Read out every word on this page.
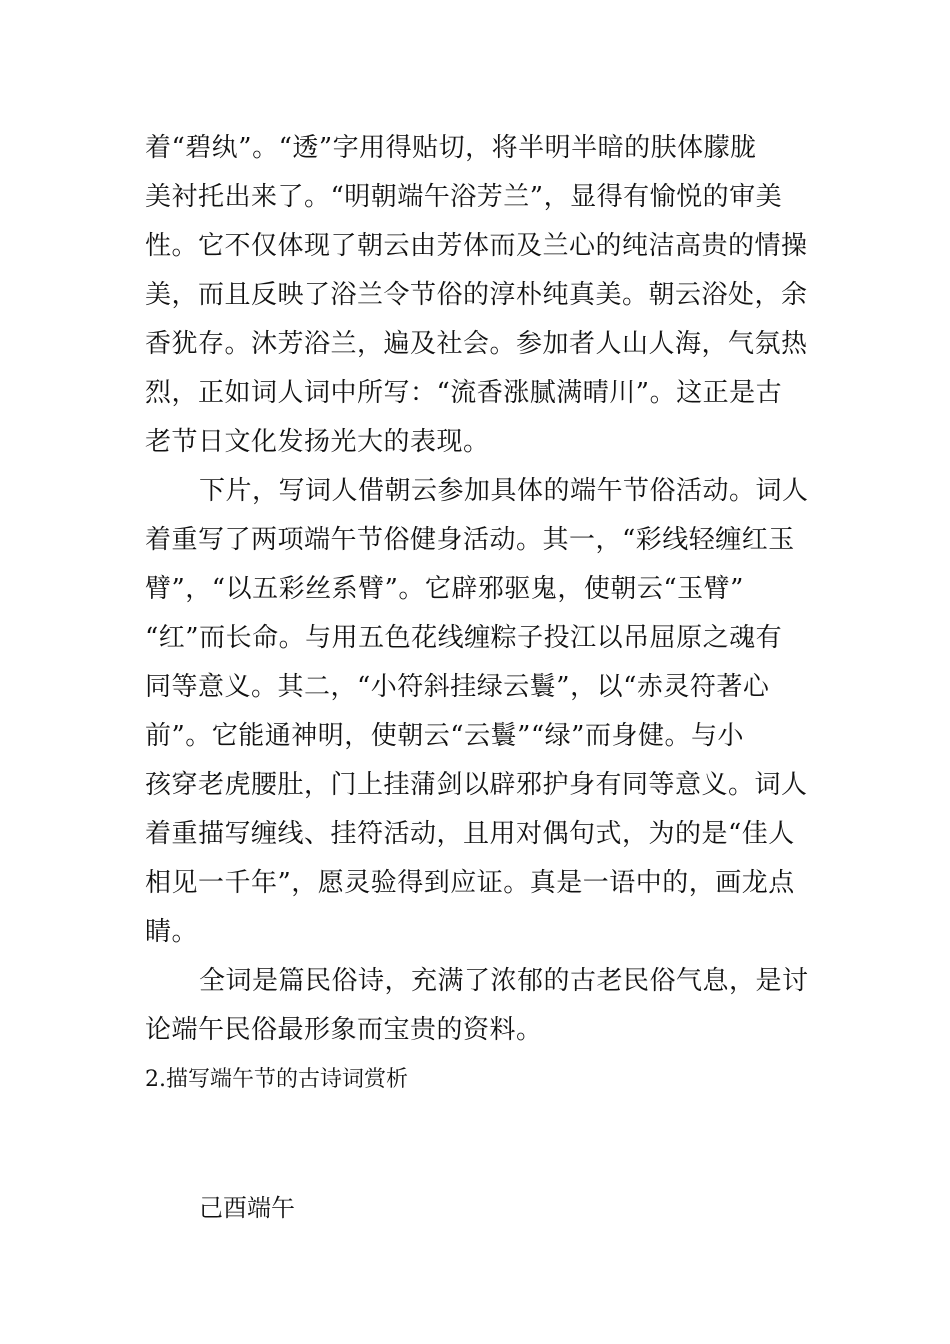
着“碧纨”。“透”字用得贴切，将半明半暗的肤体朦胧
美衬托出来了。“明朝端午浴芳兰”，显得有愉悦的审美
性。它不仅体现了朝云由芳体而及兰心的纯洁高贵的情操
美，而且反映了浴兰令节俗的淳朴纯真美。朝云浴处，余
香犹存。沐芳浴兰，遍及社会。参加者人山人海，气氛热
烈，正如词人词中所写：“流香涨腻满晴川”。这正是古
老节日文化发扬光大的表现。
下片，写词人借朝云参加具体的端午节俗活动。词人
着重写了两项端午节俗健身活动。其一，“彩线轻缠红玉
臂”，“以五彩丝系臂”。它辟邪驱鬼，使朝云“玉臂”
“红”而长命。与用五色花线缠粽子投江以吊屈原之魂有
同等意义。其二，“小符斜挂绿云鬟”，以“赤灵符著心
前”。它能通神明，使朝云“云鬟”“绿”而身健。与小
孩穿老虎腰肚，门上挂蒲剑以辟邪护身有同等意义。词人
着重描写缠线、挂符活动，且用对偶句式，为的是“佳人
相见一千年”，愿灵验得到应证。真是一语中的，画龙点
睛。
全词是篇民俗诗，充满了浓郁的古老民俗气息，是讨
论端午民俗最形象而宝贵的资料。
2.描写端午节的古诗词赏析
己酉端午
